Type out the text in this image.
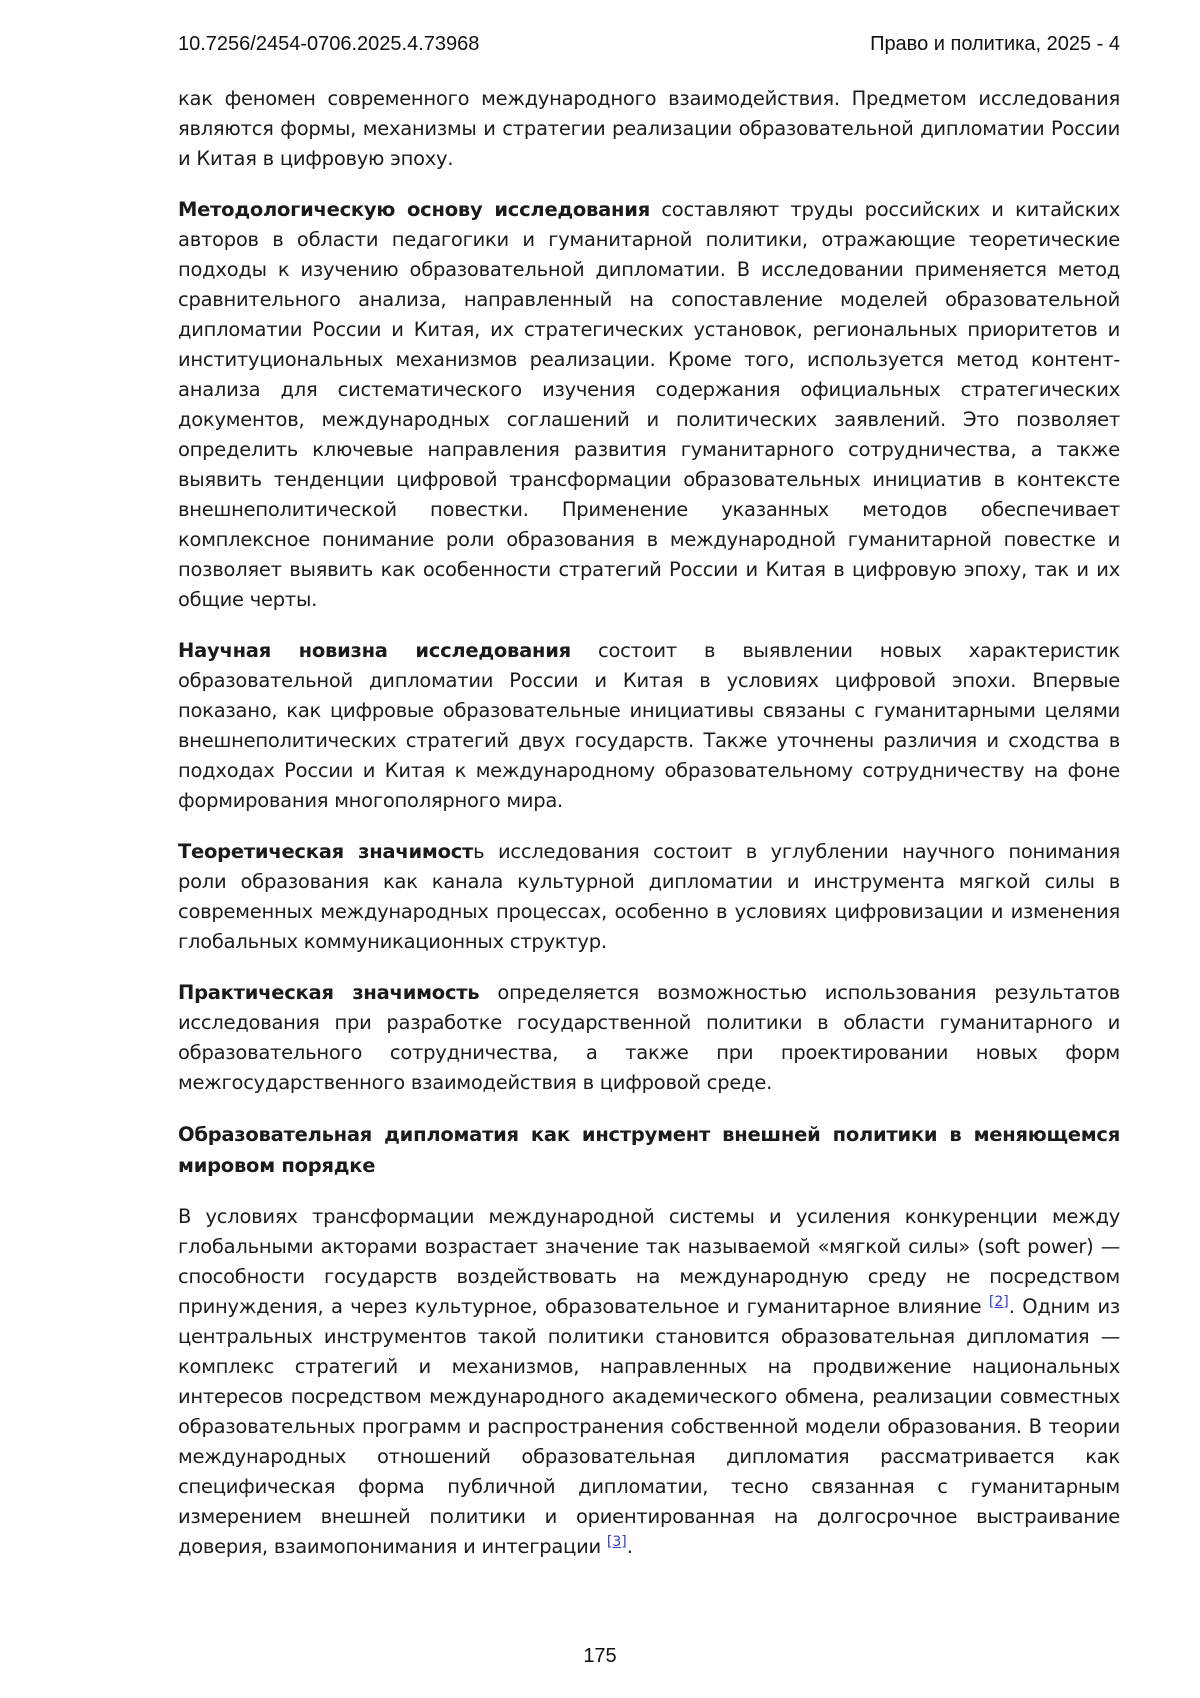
10.7256/2454-0706.2025.4.73968	Право и политика, 2025 - 4

как феномен современного международного взаимодействия. Предметом исследования являются формы, механизмы и стратегии реализации образовательной дипломатии России и Китая в цифровую эпоху.

Методологическую основу исследования составляют труды российских и китайских авторов в области педагогики и гуманитарной политики, отражающие теоретические подходы к изучению образовательной дипломатии. В исследовании применяется метод сравнительного анализа, направленный на сопоставление моделей образовательной дипломатии России и Китая, их стратегических установок, региональных приоритетов и институциональных механизмов реализации. Кроме того, используется метод контент-анализа для систематического изучения содержания официальных стратегических документов, международных соглашений и политических заявлений. Это позволяет определить ключевые направления развития гуманитарного сотрудничества, а также выявить тенденции цифровой трансформации образовательных инициатив в контексте внешнеполитической повестки. Применение указанных методов обеспечивает комплексное понимание роли образования в международной гуманитарной повестке и позволяет выявить как особенности стратегий России и Китая в цифровую эпоху, так и их общие черты.

Научная новизна исследования состоит в выявлении новых характеристик образовательной дипломатии России и Китая в условиях цифровой эпохи. Впервые показано, как цифровые образовательные инициативы связаны с гуманитарными целями внешнеполитических стратегий двух государств. Также уточнены различия и сходства в подходах России и Китая к международному образовательному сотрудничеству на фоне формирования многополярного мира.

Теоретическая значимость исследования состоит в углублении научного понимания роли образования как канала культурной дипломатии и инструмента мягкой силы в современных международных процессах, особенно в условиях цифровизации и изменения глобальных коммуникационных структур.

Практическая значимость определяется возможностью использования результатов исследования при разработке государственной политики в области гуманитарного и образовательного сотрудничества, а также при проектировании новых форм межгосударственного взаимодействия в цифровой среде.

Образовательная дипломатия как инструмент внешней политики в меняющемся мировом порядке

В условиях трансформации международной системы и усиления конкуренции между глобальными акторами возрастает значение так называемой «мягкой силы» (soft power) — способности государств воздействовать на международную среду не посредством принуждения, а через культурное, образовательное и гуманитарное влияние [2]. Одним из центральных инструментов такой политики становится образовательная дипломатия — комплекс стратегий и механизмов, направленных на продвижение национальных интересов посредством международного академического обмена, реализации совместных образовательных программ и распространения собственной модели образования. В теории международных отношений образовательная дипломатия рассматривается как специфическая форма публичной дипломатии, тесно связанная с гуманитарным измерением внешней политики и ориентированная на долгосрочное выстраивание доверия, взаимопонимания и интеграции [3].

175
